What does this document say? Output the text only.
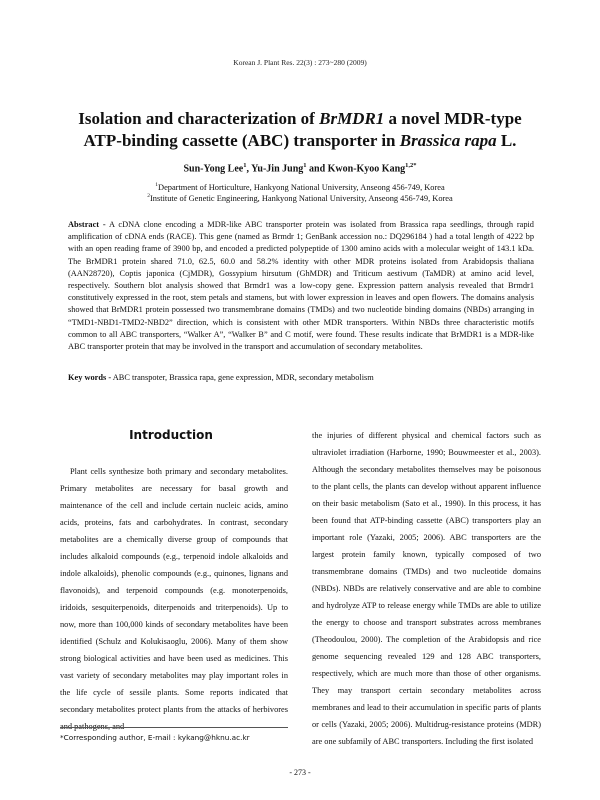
Korean J. Plant Res. 22(3) : 273~280 (2009)
Isolation and characterization of BrMDR1 a novel MDR-type
ATP-binding cassette (ABC) transporter in Brassica rapa L.
Sun-Yong Lee$^1$, Yu-Jin Jung$^1$ and Kwon-Kyoo Kang$^{1,2*}$
$^1$Department of Horticulture, Hankyong National University, Anseong 456-749, Korea
$^2$Institute of Genetic Engineering, Hankyong National University, Anseong 456-749, Korea

Abstract - A cDNA clone encoding a MDR-like ABC transporter protein was isolated from Brassica rapa seedlings, through rapid amplification of cDNA ends (RACE). This gene (named as Brmdr 1; GenBank accession no.: DQ296184 ) had a total length of 4222 bp with an open reading frame of 3900 bp, and encoded a predicted polypeptide of 1300 amino acids with a molecular weight of 143.1 kDa. The BrMDR1 protein shared 71.0, 62.5, 60.0 and 58.2% identity with other MDR proteins isolated from Arabidopsis thaliana (AAN28720), Coptis japonica (CjMDR), Gossypium hirsutum (GhMDR) and Triticum aestivum (TaMDR) at amino acid level, respectively. Southern blot analysis showed that Brmdr1 was a low-copy gene. Expression pattern analysis revealed that Brmdr1 constitutively expressed in the root, stem petals and stamens, but with lower expression in leaves and open flowers. The domains analysis showed that BrMDR1 protein possessed two transmembrane domains (TMDs) and two nucleotide binding domains (NBDs) arranging in “TMD1-NBD1-TMD2-NBD2” direction, which is consistent with other MDR transporters. Within NBDs three characteristic motifs common to all ABC transporters, “Walker A”, “Walker B” and C motif, were found. These results indicate that BrMDR1 is a MDR-like ABC transporter protein that may be involved in the transport and accumulation of secondary metabolites.

Key words - ABC transpoter, Brassica rapa, gene expression, MDR, secondary metabolism
Introduction

Plant cells synthesize both primary and secondary metabolites. Primary metabolites are necessary for basal growth and maintenance of the cell and include certain nucleic acids, amino acids, proteins, fats and carbohydrates. In contrast, secondary metabolites are a chemically diverse group of compounds that includes alkaloid compounds (e.g., terpenoid indole alkaloids and indole alkaloids), phenolic compounds (e.g., quinones, lignans and flavonoids), and terpenoid compounds (e.g. monoterpenoids, iridoids, sesquiterpenoids, diterpenoids and triterpenoids). Up to now, more than 100,000 kinds of secondary metabolites have been identified (Schulz and Kolukisaoglu, 2006). Many of them show strong biological activities and have been used as medicines. This vast variety of secondary metabolites may play important roles in the life cycle of sessile plants. Some reports indicated that secondary metabolites protect plants from the attacks of herbivores and pathogens, and

the injuries of different physical and chemical factors such as ultraviolet irradiation (Harborne, 1990; Bouwmeester et al., 2003). Although the secondary metabolites themselves may be poisonous to the plant cells, the plants can develop without apparent influence on their basic metabolism (Sato et al., 1990). In this process, it has been found that ATP-binding cassette (ABC) transporters play an important role (Yazaki, 2005; 2006). ABC transporters are the largest protein family known, typically composed of two transmembrane domains (TMDs) and two nucleotide domains (NBDs). NBDs are relatively conservative and are able to combine and hydrolyze ATP to release energy while TMDs are able to utilize the energy to choose and transport substrates across membranes (Theodoulou, 2000). The completion of the Arabidopsis and rice genome sequencing revealed 129 and 128 ABC transporters, respectively, which are much more than those of other organisms. They may transport certain secondary metabolites across membranes and lead to their accumulation in specific parts of plants or cells (Yazaki, 2005; 2006). Multidrug-resistance proteins (MDR) are one subfamily of ABC transporters. Including the first isolated

*Corresponding author, E-mail : kykang@hknu.ac.kr
- 273 -
